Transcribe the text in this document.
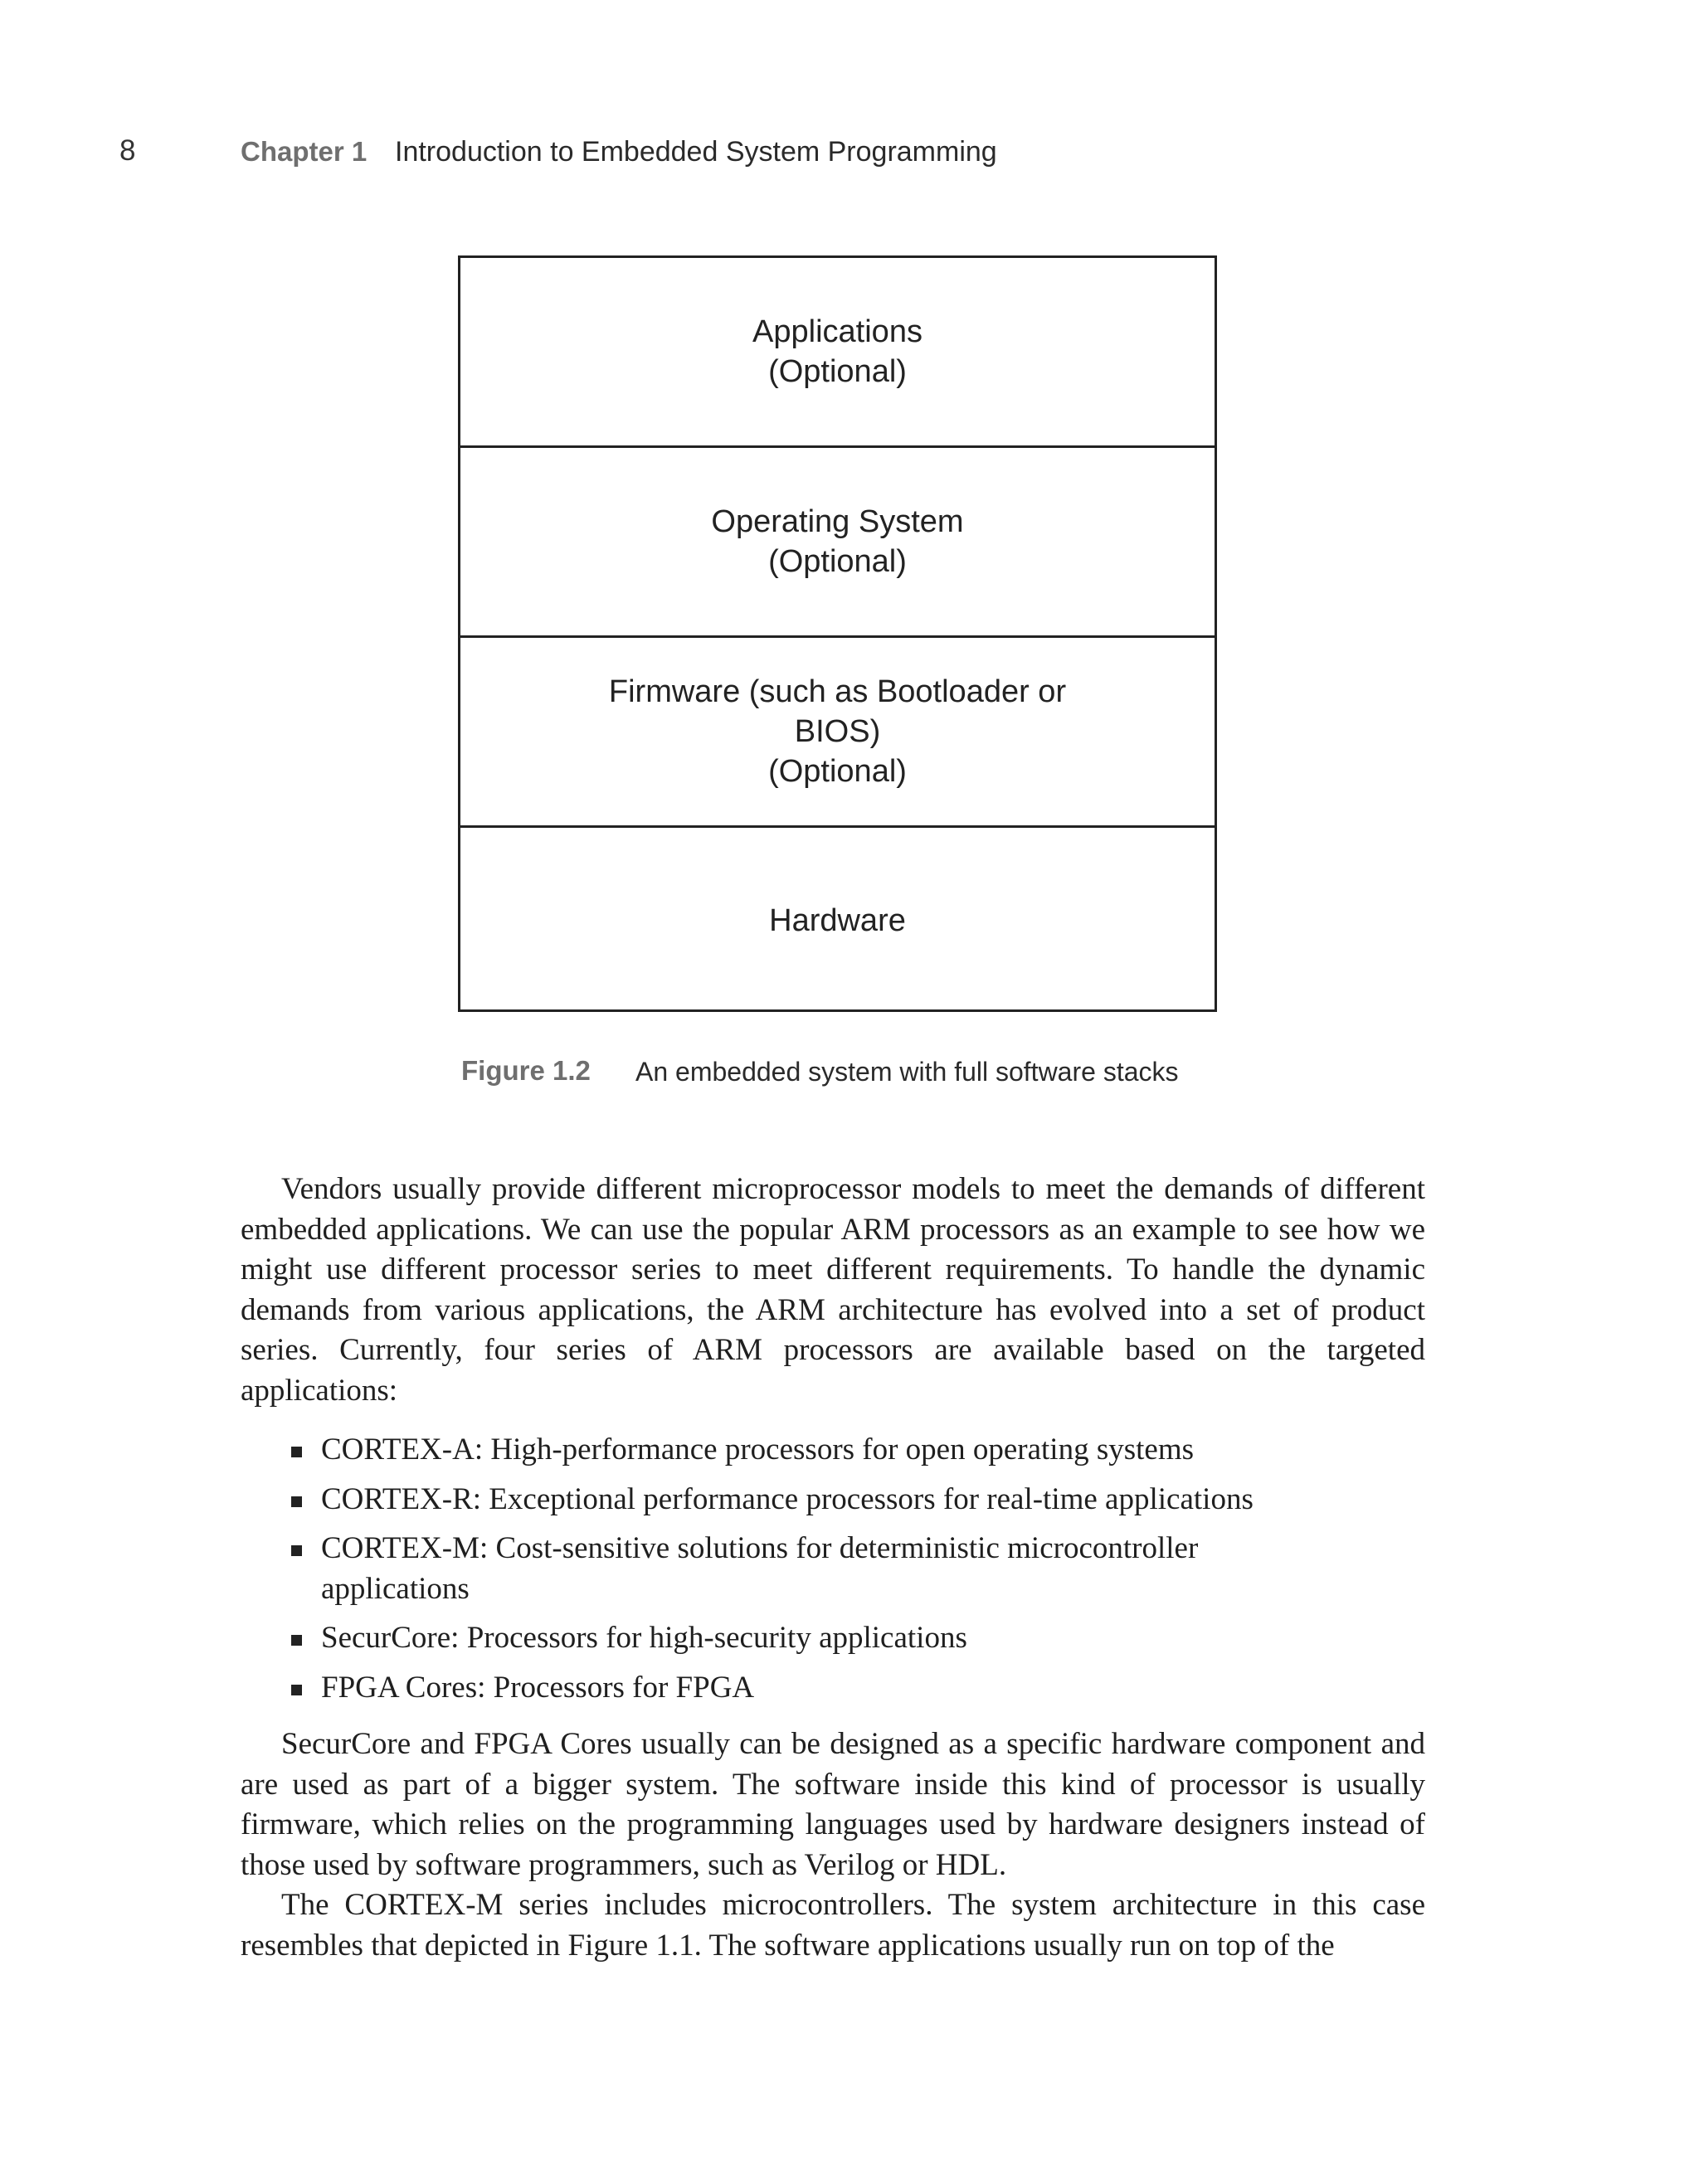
8	Chapter 1 Introduction to Embedded System Programming
Applications
(Optional)
Operating System
(Optional)
Firmware (such as Bootloader or BIOS)
(Optional)
Hardware
Figure 1.2 An embedded system with full software stacks

Vendors usually provide different microprocessor models to meet the demands of different embedded applications. We can use the popular ARM processors as an example to see how we might use different processor series to meet different requirements. To handle the dynamic demands from various applications, the ARM architecture has evolved into a set of product series. Currently, four series of ARM processors are available based on the targeted applications:

CORTEX-A: High-performance processors for open operating systems
CORTEX-R: Exceptional performance processors for real-time applications
CORTEX-M: Cost-sensitive solutions for deterministic microcontroller applications
SecurCore: Processors for high-security applications
FPGA Cores: Processors for FPGA

SecurCore and FPGA Cores usually can be designed as a specific hardware component and are used as part of a bigger system. The software inside this kind of processor is usually firmware, which relies on the programming languages used by hardware designers instead of those used by software programmers, such as Verilog or HDL.

The CORTEX-M series includes microcontrollers. The system architecture in this case resembles that depicted in Figure 1.1. The software applications usually run on top of the
